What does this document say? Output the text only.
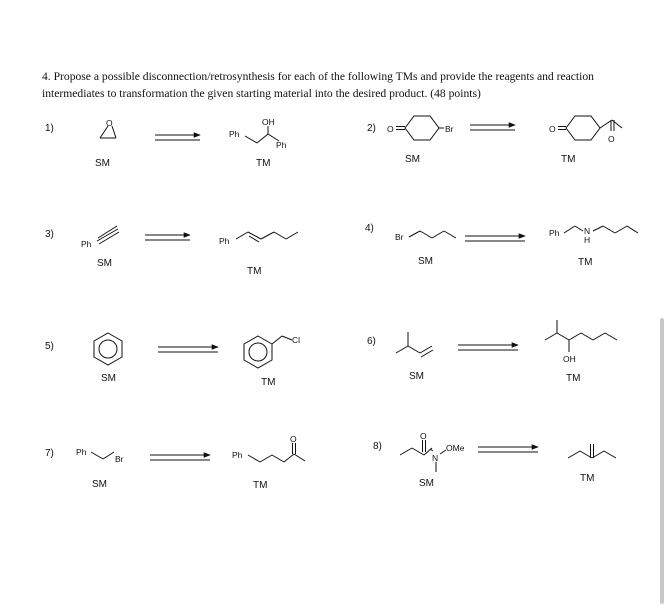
4. Propose a possible disconnection/retrosynthesis for each of the following TMs and provide the reagents and reaction intermediates to transformation the given starting material into the desired product. (48 points)

1)	2)
3)
4)
5)	6)
7)
8)
SM	TM	SM	TM
SM
TM
SM	TM
SM	TM
SM	TM
SM	TM	SM	TM
O	OH
Ph
Ph
O	Br	O
O
Ph	Ph	Br	Ph	N
H
Cl
OH
Ph
Br	Ph
O	O
N
OMe
